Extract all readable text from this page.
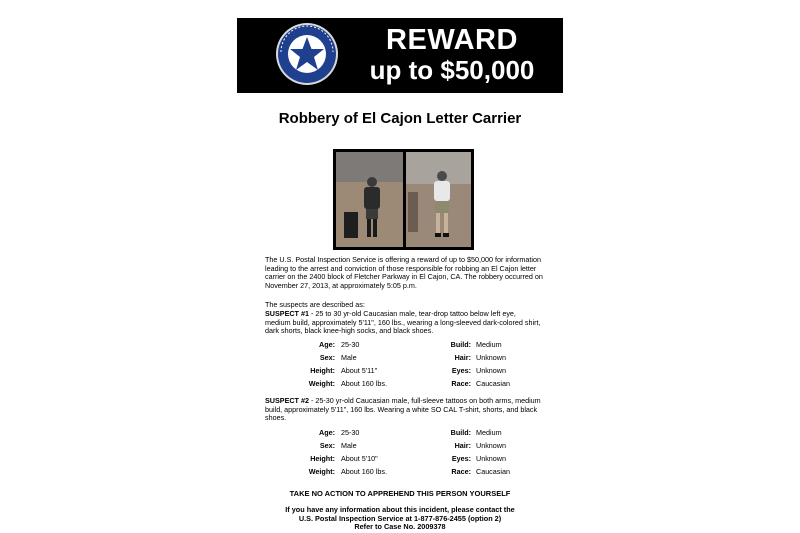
REWARD
up to $50,000
Robbery of El Cajon Letter Carrier

The U.S. Postal Inspection Service is offering a reward of up to $50,000 for information leading to the arrest and conviction of those responsible for robbing an El Cajon letter carrier on the 2400 block of Fletcher Parkway in El Cajon, CA. The robbery occurred on November 27, 2013, at approximately 5:05 p.m.

The suspects are described as:

SUSPECT #1 - 25 to 30 yr-old Caucasian male, tear-drop tattoo below left eye, medium build, approximately 5'11", 160 lbs., wearing a long-sleeved dark-colored shirt, dark shorts, black knee-high socks, and black shoes.

Age: 25-30	Build: Medium
Sex: Male	Hair: Unknown
Height: About 5'11"	Eyes: Unknown
Weight: About 160 lbs.	Race: Caucasian

SUSPECT #2 - 25-30 yr-old Caucasian male, full-sleeve tattoos on both arms, medium build, approximately 5'11", 160 lbs. Wearing a white SO CAL T-shirt, shorts, and black shoes.

Age: 25-30	Build: Medium
Sex: Male	Hair: Unknown
Height: About 5'10"	Eyes: Unknown
Weight: About 160 lbs.	Race: Caucasian
TAKE NO ACTION TO APPREHEND THIS PERSON YOURSELF
If you have any information about this incident, please contact the
U.S. Postal Inspection Service at 1-877-876-2455 (option 2)
Refer to Case No. 2009378
